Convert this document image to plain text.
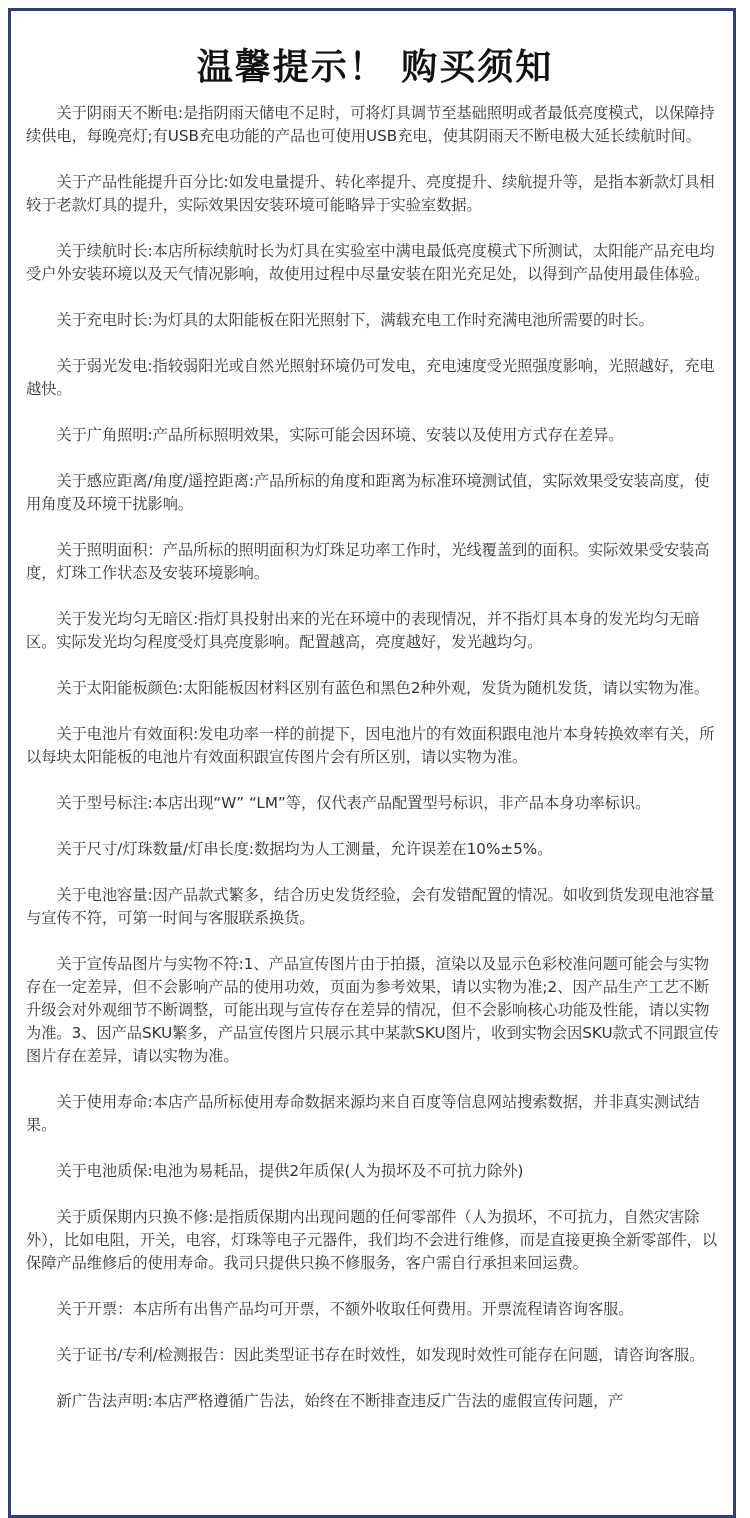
温馨提示！ 购买须知

关于阴雨天不断电:是指阴雨天储电不足时，可将灯具调节至基础照明或者最低亮度模式，以保障持续供电，每晚亮灯;有USB充电功能的产品也可使用USB充电，使其阴雨天不断电极大延长续航时间。

关于产品性能提升百分比:如发电量提升、转化率提升、亮度提升、续航提升等，是指本新款灯具相较于老款灯具的提升，实际效果因安装环境可能略异于实验室数据。

关于续航时长:本店所标续航时长为灯具在实验室中满电最低亮度模式下所测试，太阳能产品充电均受户外安装环境以及天气情况影响，故使用过程中尽量安装在阳光充足处，以得到产品使用最佳体验。

关于充电时长:为灯具的太阳能板在阳光照射下，满载充电工作时充满电池所需要的时长。

关于弱光发电:指较弱阳光或自然光照射环境仍可发电，充电速度受光照强度影响，光照越好，充电越快。

关于广角照明:产品所标照明效果，实际可能会因环境、安装以及使用方式存在差异。

关于感应距离/角度/遥控距离:产品所标的角度和距离为标准环境测试值，实际效果受安装高度，使用角度及环境干扰影响。

关于照明面积：产品所标的照明面积为灯珠足功率工作时，光线覆盖到的面积。实际效果受安装高度，灯珠工作状态及安装环境影响。

关于发光均匀无暗区:指灯具投射出来的光在环境中的表现情况，并不指灯具本身的发光均匀无暗区。实际发光均匀程度受灯具亮度影响。配置越高，亮度越好，发光越均匀。

关于太阳能板颜色:太阳能板因材料区别有蓝色和黑色2种外观，发货为随机发货，请以实物为准。

关于电池片有效面积:发电功率一样的前提下，因电池片的有效面积跟电池片本身转换效率有关，所以每块太阳能板的电池片有效面积跟宣传图片会有所区别，请以实物为准。

关于型号标注:本店出现“W” “LM”等，仅代表产品配置型号标识，非产品本身功率标识。

关于尺寸/灯珠数量/灯串长度:数据均为人工测量，允许误差在10%±5%。

关于电池容量:因产品款式繁多，结合历史发货经验，会有发错配置的情况。如收到货发现电池容量与宣传不符，可第一时间与客服联系换货。

关于宣传品图片与实物不符:1、产品宣传图片由于拍摄，渲染以及显示色彩校准问题可能会与实物存在一定差异，但不会影响产品的使用功效，页面为参考效果，请以实物为准;2、因产品生产工艺不断升级会对外观细节不断调整，可能出现与宣传存在差异的情况，但不会影响核心功能及性能，请以实物为准。3、因产品SKU繁多，产品宣传图片只展示其中某款SKU图片，收到实物会因SKU款式不同跟宣传图片存在差异，请以实物为准。

关于使用寿命:本店产品所标使用寿命数据来源均来自百度等信息网站搜索数据，并非真实测试结果。

关于电池质保:电池为易耗品，提供2年质保(人为损坏及不可抗力除外)

关于质保期内只换不修:是指质保期内出现问题的任何零部件（人为损坏，不可抗力，自然灾害除外），比如电阻，开关，电容，灯珠等电子元器件，我们均不会进行维修，而是直接更换全新零部件，以保障产品维修后的使用寿命。我司只提供只换不修服务，客户需自行承担来回运费。

关于开票：本店所有出售产品均可开票，不额外收取任何费用。开票流程请咨询客服。

关于证书/专利/检测报告：因此类型证书存在时效性，如发现时效性可能存在问题，请咨询客服。

新广告法声明:本店严格遵循广告法，始终在不断排查违反广告法的虚假宣传问题，产
